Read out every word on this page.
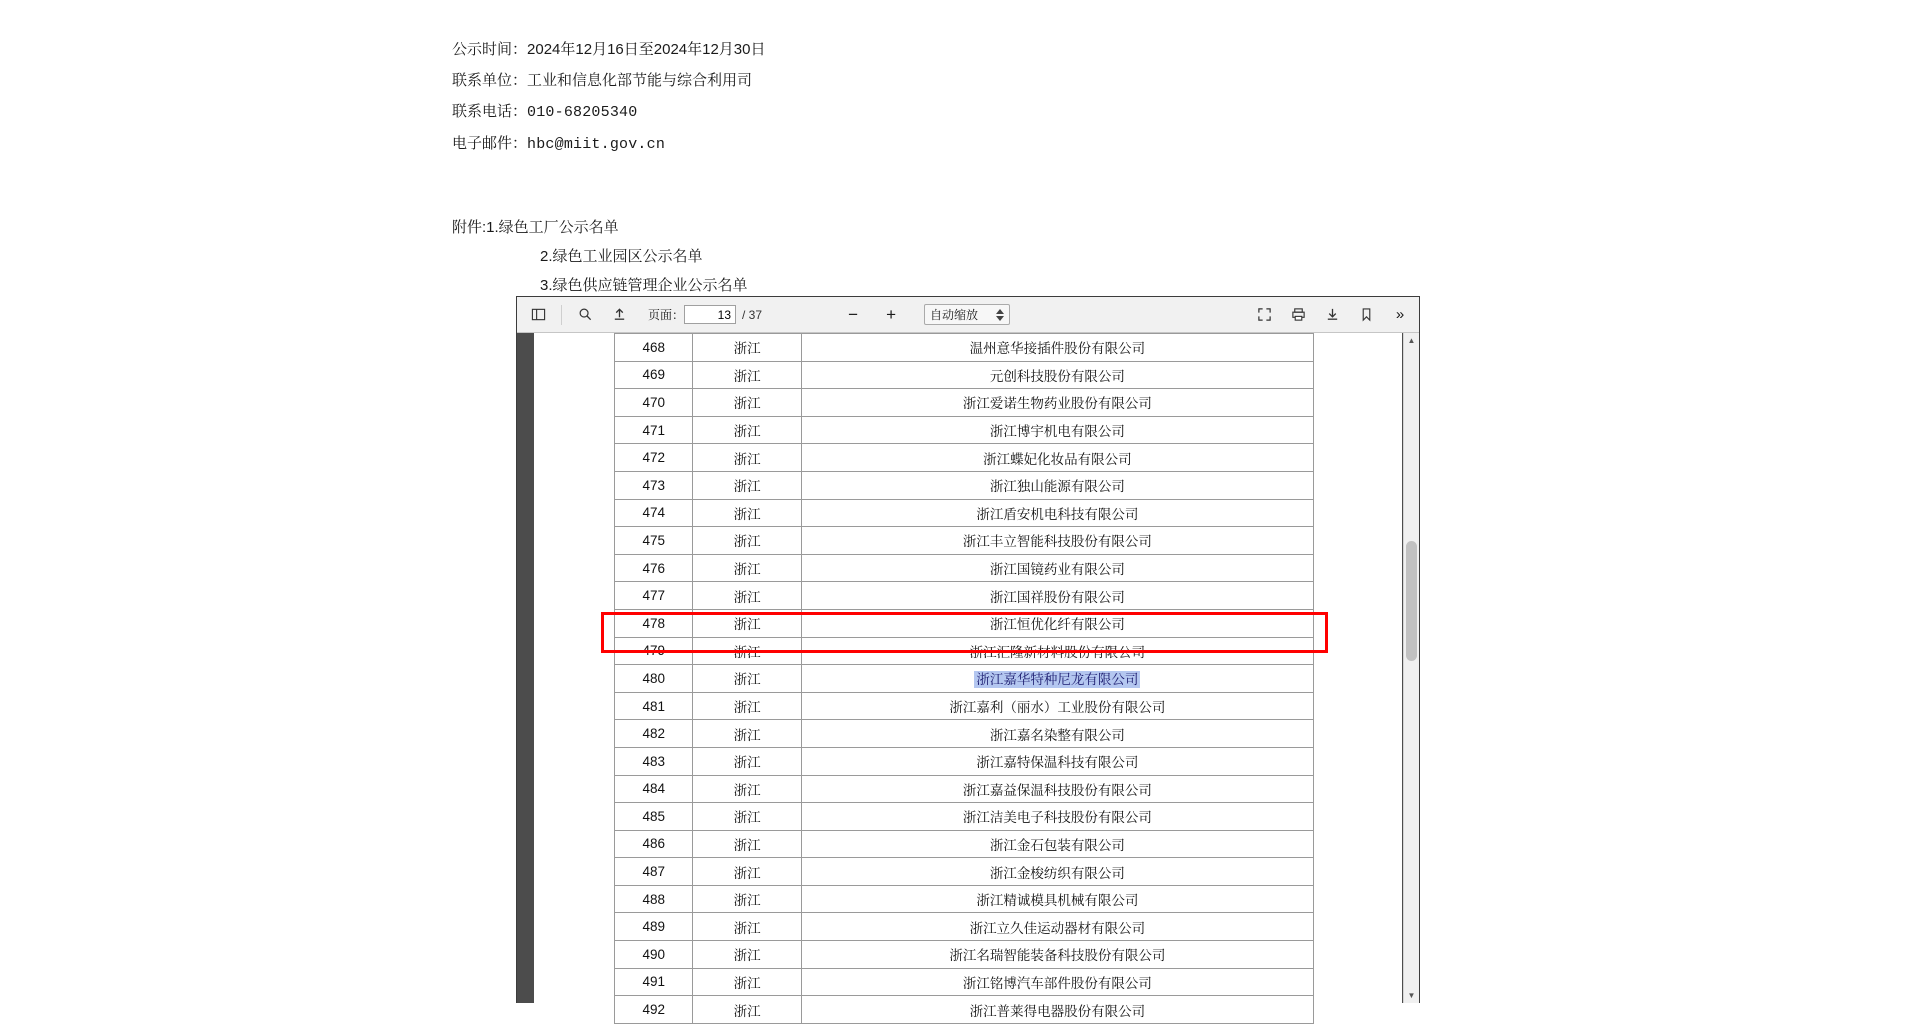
公示时间：2024年12月16日至2024年12月30日
联系单位：工业和信息化部节能与综合利用司
联系电话：010-68205340
电子邮件：hbc@miit.gov.cn
附件:1.绿色工厂公示名单
2.绿色工业园区公示名单
3.绿色供应链管理企业公示名单
页面：
13	/ 37	−	+	自动缩放	»
468	浙江	温州意华接插件股份有限公司
469	浙江	元创科技股份有限公司
470	浙江	浙江爱诺生物药业股份有限公司
471	浙江	浙江博宇机电有限公司
472	浙江	浙江蝶妃化妆品有限公司
473	浙江	浙江独山能源有限公司
474	浙江	浙江盾安机电科技有限公司
475	浙江	浙江丰立智能科技股份有限公司
476	浙江	浙江国镜药业有限公司
477	浙江	浙江国祥股份有限公司
478	浙江	浙江恒优化纤有限公司
479	浙江	浙江汇隆新材料股份有限公司
480	浙江	浙江嘉华特种尼龙有限公司
481	浙江	浙江嘉利（丽水）工业股份有限公司
482	浙江	浙江嘉名染整有限公司
483	浙江	浙江嘉特保温科技有限公司
484	浙江	浙江嘉益保温科技股份有限公司
485	浙江	浙江洁美电子科技股份有限公司
486	浙江	浙江金石包装有限公司
487	浙江	浙江金梭纺织有限公司
488	浙江	浙江精诚模具机械有限公司
489	浙江	浙江立久佳运动器材有限公司
490	浙江	浙江名瑞智能装备科技股份有限公司
491	浙江	浙江铭博汽车部件股份有限公司
492	浙江	浙江普莱得电器股份有限公司
▲
▼
